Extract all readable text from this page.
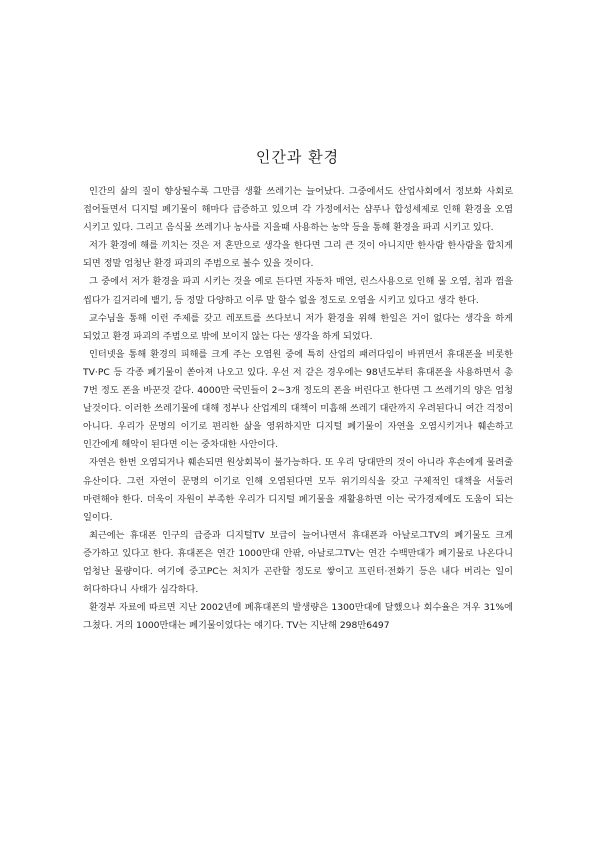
인간과 환경

인간의 삶의 질이 향상될수록 그만큼 생활 쓰레기는 늘어났다. 그중에서도 산업사회에서 정보화 사회로 접어들면서 디지털 폐기물이 해마다 급증하고 있으며 각 가정에서는 샴푸나 합성세제로 인해 환경을 오염 시키고 있다. 그리고 음식물 쓰레기나 농사를 지을때 사용하는 농약 등을 통해 환경을 파괴 시키고 있다.

저가 환경에 해를 끼치는 것은 저 혼만으로 생각을 한다면 그리 큰 것이 아니지만 한사람 한사람을 합치게 되면 정말 엄청난 환경 파괴의 주범으로 볼수 있을 것이다.

그 중에서 저가 환경을 파괴 시키는 것을 예로 든다면 자동차 매연, 린스사용으로 인해 물 오염, 침과 껌을 씹다가 길거리에 뱉기, 등 정말 다양하고 이루 말 할수 없을 정도로 오염을 시키고 있다고 생각 한다.

교수님을 통해 이런 주제를 갖고 레포트를 쓰다보니 저가 환경을 위해 한일은 거이 없다는 생각을 하게 되었고 환경 파괴의 주범으로 밖에 보이지 않는 다는 생각을 하게 되었다.

인터넷을 통해 환경의 피해를 크게 주는 오염원 중에 특히 산업의 패러다임이 바뀌면서 휴대폰을 비롯한 TV·PC 등 각종 폐기물이 쏟아져 나오고 있다. 우선 저 같은 경우에는 98년도부터 휴대폰을 사용하면서 총 7번 정도 폰을 바꾼것 같다. 4000만 국민들이 2~3개 정도의 폰을 버린다고 한다면 그 쓰레기의 양은 엄청 날것이다. 이러한 쓰레기물에 대해 정부나 산업계의 대책이 미흡해 쓰레기 대란까지 우려된다니 여간 걱정이 아니다. 우리가 문명의 이기로 편리한 삶을 영위하지만 디지털 폐기물이 자연을 오염시키거나 훼손하고 인간에게 해악이 된다면 이는 중차대한 사안이다.

자연은 한번 오염되거나 훼손되면 원상회복이 불가능하다. 또 우리 당대만의 것이 아니라 후손에게 물려줄 유산이다. 그런 자연이 문명의 이기로 인해 오염된다면 모두 위기의식을 갖고 구체적인 대책을 서둘러 마련해야 한다. 더욱이 자원이 부족한 우리가 디지털 폐기물을 재활용하면 이는 국가경제에도 도움이 되는 일이다.

최근에는 휴대폰 인구의 급증과 디지털TV 보급이 늘어나면서 휴대폰과 아날로그TV의 폐기물도 크게 증가하고 있다고 한다. 휴대폰은 연간 1000만대 안팎, 아날로그TV는 연간 수백만대가 폐기물로 나온다니 엄청난 물량이다. 여기에 중고PC는 처치가 곤란할 정도로 쌓이고 프린터·전화기 등은 내다 버리는 일이 허다하다니 사태가 심각하다.

환경부 자료에 따르면 지난 2002년에 폐휴대폰의 발생량은 1300만대에 달했으나 회수율은 겨우 31%에 그쳤다. 거의 1000만대는 폐기물이었다는 얘기다. TV는 지난해 298만6497
